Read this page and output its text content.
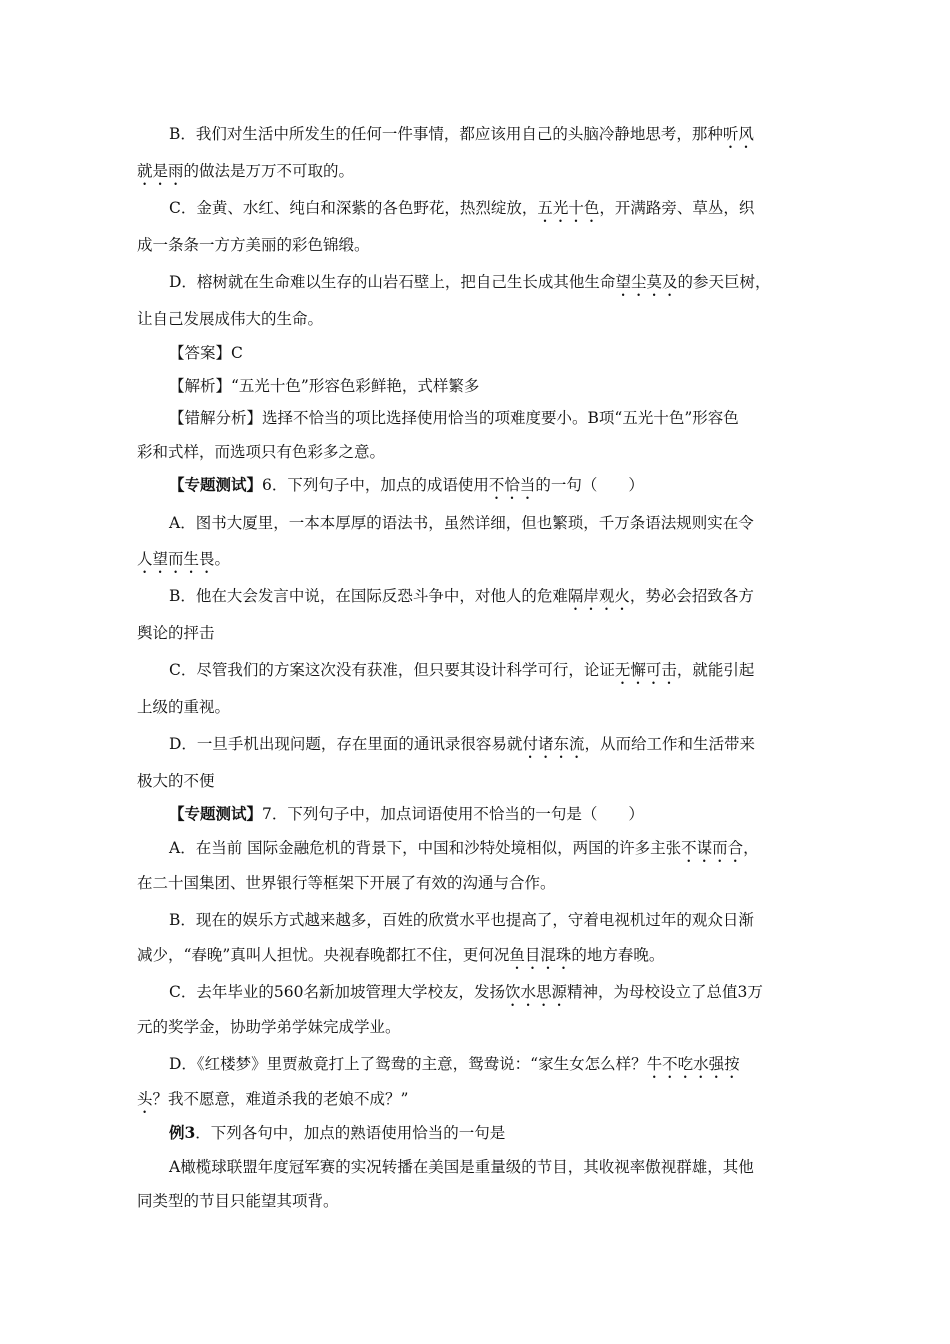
B．我们对生活中所发生的任何一件事情，都应该用自己的头脑冷静地思考，那种听风
就是雨的做法是万万不可取的。
C．金黄、水红、纯白和深紫的各色野花，热烈绽放，五光十色，开满路旁、草丛，织
成一条条一方方美丽的彩色锦缎。
D．榕树就在生命难以生存的山岩石壁上，把自己生长成其他生命望尘莫及的参天巨树，
让自己发展成伟大的生命。
【答案】C
【解析】“五光十色”形容色彩鲜艳，式样繁多
【错解分析】选择不恰当的项比选择使用恰当的项难度要小。B项“五光十色”形容色
彩和式样，而选项只有色彩多之意。
【专题测试】6．下列句子中，加点的成语使用不恰当的一句（　　）
A．图书大厦里，一本本厚厚的语法书，虽然详细，但也繁琐，千万条语法规则实在令
人望而生畏。
B．他在大会发言中说，在国际反恐斗争中，对他人的危难隔岸观火，势必会招致各方
舆论的抨击
C．尽管我们的方案这次没有获准，但只要其设计科学可行，论证无懈可击，就能引起
上级的重视。
D．一旦手机出现问题，存在里面的通讯录很容易就付诸东流，从而给工作和生活带来
极大的不便
【专题测试】7．下列句子中，加点词语使用不恰当的一句是（　　）
A．在当前 国际金融危机的背景下，中国和沙特处境相似，两国的许多主张不谋而合，
在二十国集团、世界银行等框架下开展了有效的沟通与合作。
B．现在的娱乐方式越来越多，百姓的欣赏水平也提高了，守着电视机过年的观众日渐
减少，“春晚”真叫人担忧。央视春晚都扛不住，更何况鱼目混珠的地方春晚。
C．去年毕业的560名新加坡管理大学校友，发扬饮水思源精神，为母校设立了总值3万
元的奖学金，协助学弟学妹完成学业。
D．《红楼梦》里贾赦竟打上了鸳鸯的主意，鸳鸯说：“家生女怎么样？牛不吃水强按
头？我不愿意，难道杀我的老娘不成？”
例3．下列各句中，加点的熟语使用恰当的一句是
A橄榄球联盟年度冠军赛的实况转播在美国是重量级的节目，其收视率傲视群雄，其他
同类型的节目只能望其项背。
